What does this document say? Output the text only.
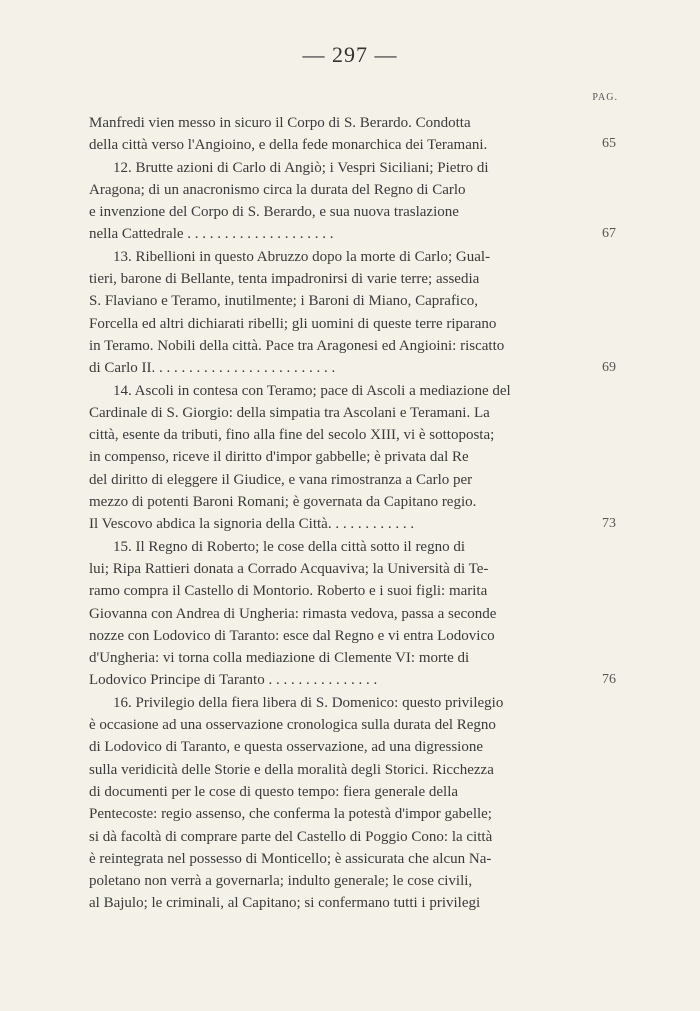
— 297 —
PAG.
Manfredi vien messo in sicuro il Corpo di S. Berardo. Condotta
della città verso l'Angioino, e della fede monarchica dei Teramani.
12. Brutte azioni di Carlo di Angiò; i Vespri Siciliani; Pietro di
Aragona; di un anacronismo circa la durata del Regno di Carlo
e invenzione del Corpo di S. Berardo, e sua nuova traslazione
nella Cattedrale . . . . . . . . . . . . . . . . . . . .
13. Ribellioni in questo Abruzzo dopo la morte di Carlo; Gual-
tieri, barone di Bellante, tenta impadronirsi di varie terre; assedia
S. Flaviano e Teramo, inutilmente; i Baroni di Miano, Caprafico,
Forcella ed altri dichiarati ribelli; gli uomini di queste terre riparano
in Teramo. Nobili della città. Pace tra Aragonesi ed Angioini: riscatto
di Carlo II. . . . . . . . . . . . . . . . . . . . . . . . .
14. Ascoli in contesa con Teramo; pace di Ascoli a mediazione del
Cardinale di S. Giorgio: della simpatia tra Ascolani e Teramani. La
città, esente da tributi, fino alla fine del secolo XIII, vi è sottoposta;
in compenso, riceve il diritto d'impor gabbelle; è privata dal Re
del diritto di eleggere il Giudice, e vana rimostranza a Carlo per
mezzo di potenti Baroni Romani; è governata da Capitano regio.
Il Vescovo abdica la signoria della Città. . . . . . . . . . . .
15. Il Regno di Roberto; le cose della città sotto il regno di
lui; Ripa Rattieri donata a Corrado Acquaviva; la Università di Te-
ramo compra il Castello di Montorio. Roberto e i suoi figli: marita
Giovanna con Andrea di Ungheria: rimasta vedova, passa a seconde
nozze con Lodovico di Taranto: esce dal Regno e vi entra Lodovico
d'Ungheria: vi torna colla mediazione di Clemente VI: morte di
Lodovico Principe di Taranto . . . . . . . . . . . . . . .
16. Privilegio della fiera libera di S. Domenico: questo privilegio
è occasione ad una osservazione cronologica sulla durata del Regno
di Lodovico di Taranto, e questa osservazione, ad una digressione
sulla veridicità delle Storie e della moralità degli Storici. Ricchezza
di documenti per le cose di questo tempo: fiera generale della
Pentecoste: regio assenso, che conferma la potestà d'impor gabelle;
si dà facoltà di comprare parte del Castello di Poggio Cono: la città
è reintegrata nel possesso di Monticello; è assicurata che alcun Na-
poletano non verrà a governarla; indulto generale; le cose civili,
al Bajulo; le criminali, al Capitano; si confermano tutti i privilegi
65
67
69
73
76
